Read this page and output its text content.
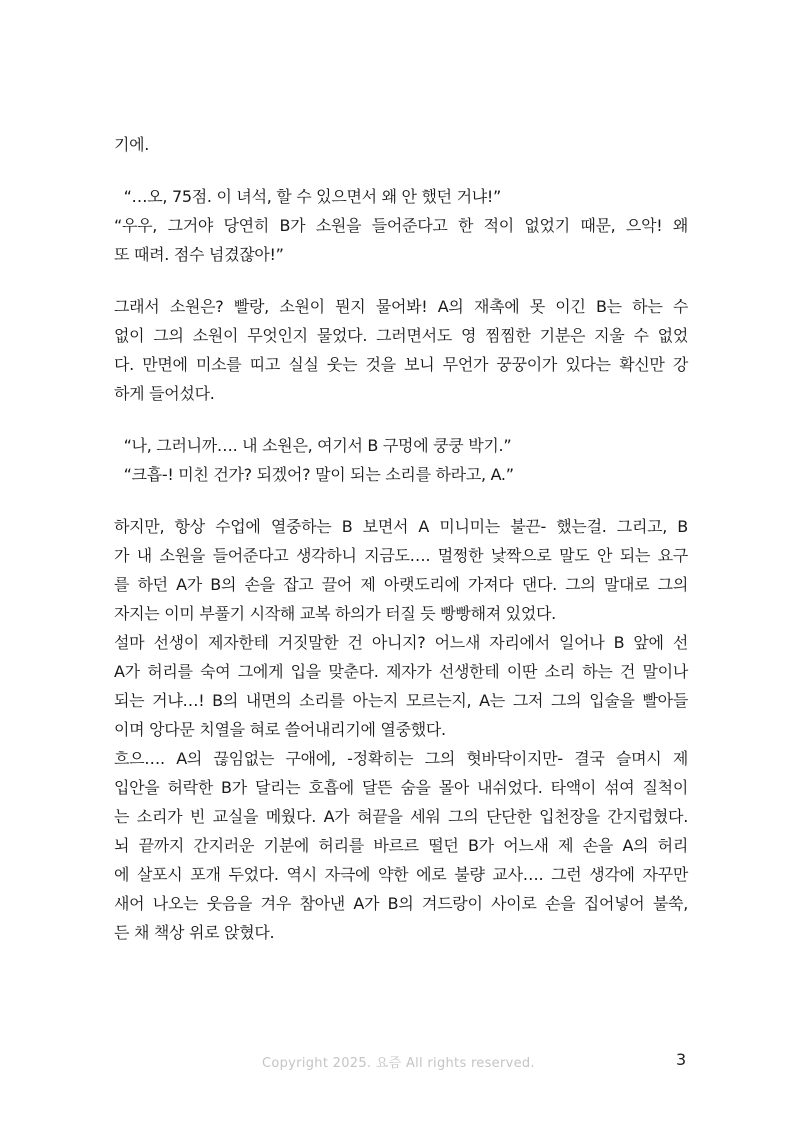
기에.
“…오, 75점. 이 녀석, 할 수 있으면서 왜 안 했던 거냐!”
“우우, 그거야 당연히 B가 소원을 들어준다고 한 적이 없었기 때문, 으악! 왜
또 때려. 점수 넘겼잖아!”
그래서 소원은? 빨랑, 소원이 뭔지 물어봐! A의 재촉에 못 이긴 B는 하는 수
없이 그의 소원이 무엇인지 물었다. 그러면서도 영 찜찜한 기분은 지울 수 없었
다. 만면에 미소를 띠고 실실 웃는 것을 보니 무언가 꿍꿍이가 있다는 확신만 강
하게 들어섰다.
“나, 그러니까…. 내 소원은, 여기서 B 구멍에 쿵쿵 박기.”
“크흡-! 미친 건가? 되겠어? 말이 되는 소리를 하라고, A.”
하지만, 항상 수업에 열중하는 B 보면서 A 미니미는 불끈- 했는걸. 그리고, B
가 내 소원을 들어준다고 생각하니 지금도…. 멀쩡한 낯짝으로 말도 안 되는 요구
를 하던 A가 B의 손을 잡고 끌어 제 아랫도리에 가져다 댄다. 그의 말대로 그의
자지는 이미 부풀기 시작해 교복 하의가 터질 듯 빵빵해져 있었다.
설마 선생이 제자한테 거짓말한 건 아니지? 어느새 자리에서 일어나 B 앞에 선
A가 허리를 숙여 그에게 입을 맞춘다. 제자가 선생한테 이딴 소리 하는 건 말이나
되는 거냐…! B의 내면의 소리를 아는지 모르는지, A는 그저 그의 입술을 빨아들
이며 앙다문 치열을 혀로 쓸어내리기에 열중했다.
흐으…. A의 끊임없는 구애에, -정확히는 그의 혓바닥이지만- 결국 슬며시 제
입안을 허락한 B가 달리는 호흡에 달뜬 숨을 몰아 내쉬었다. 타액이 섞여 질척이
는 소리가 빈 교실을 메웠다. A가 혀끝을 세워 그의 단단한 입천장을 간지럽혔다.
뇌 끝까지 간지러운 기분에 허리를 바르르 떨던 B가 어느새 제 손을 A의 허리
에 살포시 포개 두었다. 역시 자극에 약한 에로 불량 교사…. 그런 생각에 자꾸만
새어 나오는 웃음을 겨우 참아낸 A가 B의 겨드랑이 사이로 손을 집어넣어 불쑥,
든 채 책상 위로 앉혔다.
Copyright 2025. 요즘 All rights reserved.	3
